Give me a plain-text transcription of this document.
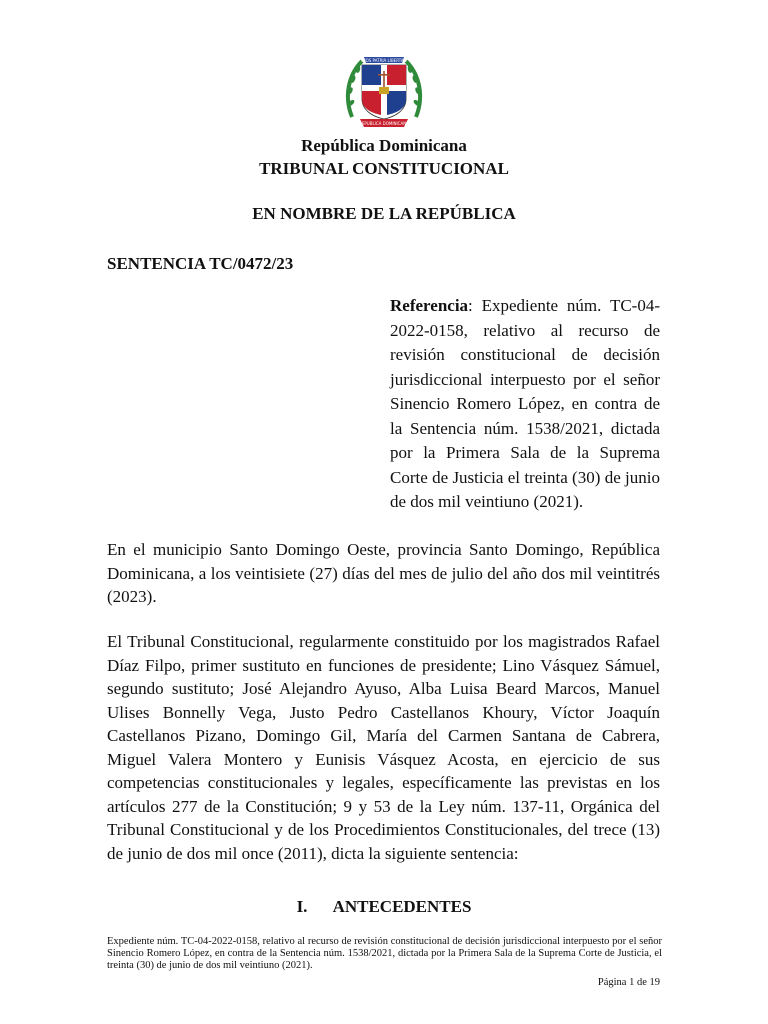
DIOS PATRIA LIBERTAD
REPUBLICA DOMINICANA
República Dominicana
TRIBUNAL CONSTITUCIONAL
EN NOMBRE DE LA REPÚBLICA
SENTENCIA TC/0472/23
Referencia: Expediente núm. TC-04-2022-0158, relativo al recurso de revisión constitucional de decisión jurisdiccional interpuesto por el señor Sinencio Romero López, en contra de la Sentencia núm. 1538/2021, dictada por la Primera Sala de la Suprema Corte de Justicia el treinta (30) de junio de dos mil veintiuno (2021).
En el municipio Santo Domingo Oeste, provincia Santo Domingo, República Dominicana, a los veintisiete (27) días del mes de julio del año dos mil veintitrés (2023).
El Tribunal Constitucional, regularmente constituido por los magistrados Rafael Díaz Filpo, primer sustituto en funciones de presidente; Lino Vásquez Sámuel, segundo sustituto; José Alejandro Ayuso, Alba Luisa Beard Marcos, Manuel Ulises Bonnelly Vega, Justo Pedro Castellanos Khoury, Víctor Joaquín Castellanos Pizano, Domingo Gil, María del Carmen Santana de Cabrera, Miguel Valera Montero y Eunisis Vásquez Acosta, en ejercicio de sus competencias constitucionales y legales, específicamente las previstas en los artículos 277 de la Constitución; 9 y 53 de la Ley núm. 137-11, Orgánica del Tribunal Constitucional y de los Procedimientos Constitucionales, del trece (13) de junio de dos mil once (2011), dicta la siguiente sentencia:
I. ANTECEDENTES
Expediente núm. TC-04-2022-0158, relativo al recurso de revisión constitucional de decisión jurisdiccional interpuesto por el señor Sinencio Romero López, en contra de la Sentencia núm. 1538/2021, dictada por la Primera Sala de la Suprema Corte de Justicia, el treinta (30) de junio de dos mil veintiuno (2021).
Página 1 de 19
